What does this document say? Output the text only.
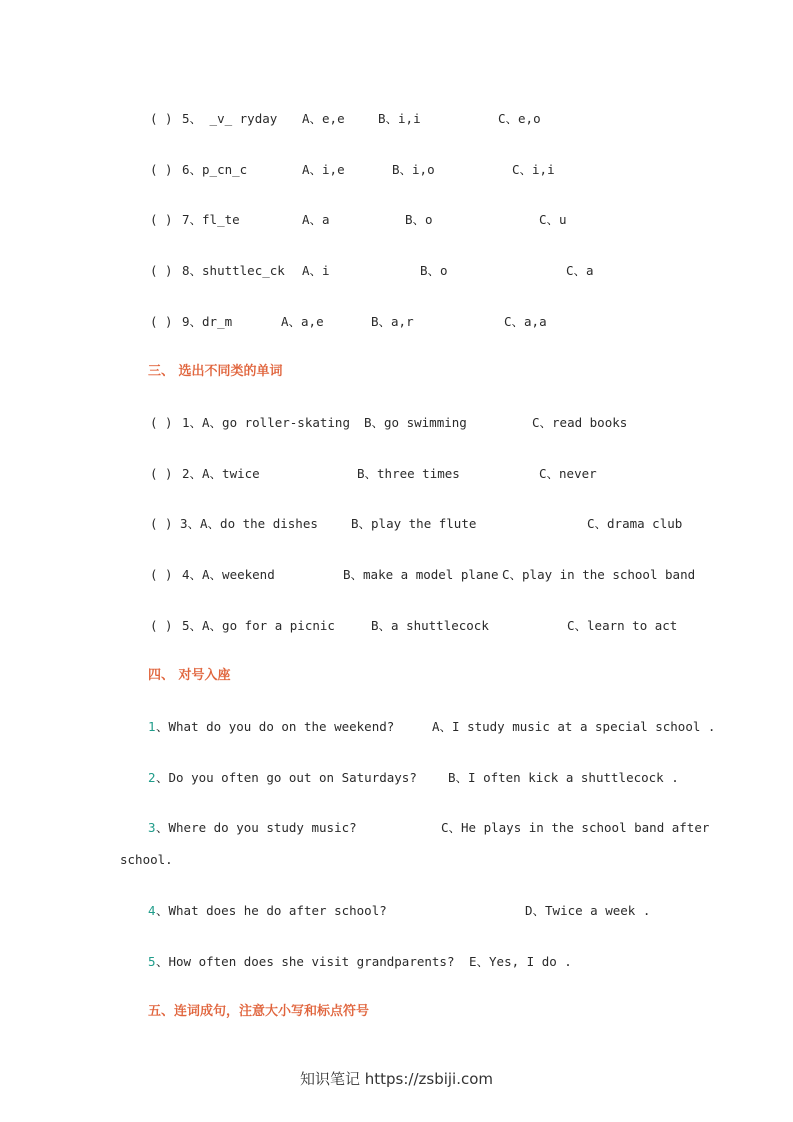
( ) 5、 _v_ ryday A、e,e	B、i,i	C、e,o
( ) 6、p_cn_c	A、i,e	B、i,o	C、i,i
( ) 7、fl_te	A、a	B、o	C、u
( ) 8、shuttlec_ck A、i	B、o	C、a
( ) 9、dr_m	A、a,e	B、a,r	C、a,a
三、 选出不同类的单词
( ) 1、A、go roller-skating B、go swimming	C、read books
( ) 2、A、twice	B、three times	C、never
( ) 3、A、do the dishes	B、play the flute	C、drama club
( ) 4、A、weekend	B、make a model plane C、play in the school band
( ) 5、A、go for a picnic	B、a shuttlecock	C、learn to act
四、 对号入座
1 、What do you do on the weekend?	A、I study music at a special school .
2 、Do you often go out on Saturdays? B、I often kick a shuttlecock .
3 、Where do you study music?	C、He plays in the school band after
school.
4 、What does he do after school?	D、Twice a week .
5 、How often does she visit grandparents? E、Yes, I do .
五、连词成句，注意大小写和标点符号
知识笔记 https://zsbiji.com
